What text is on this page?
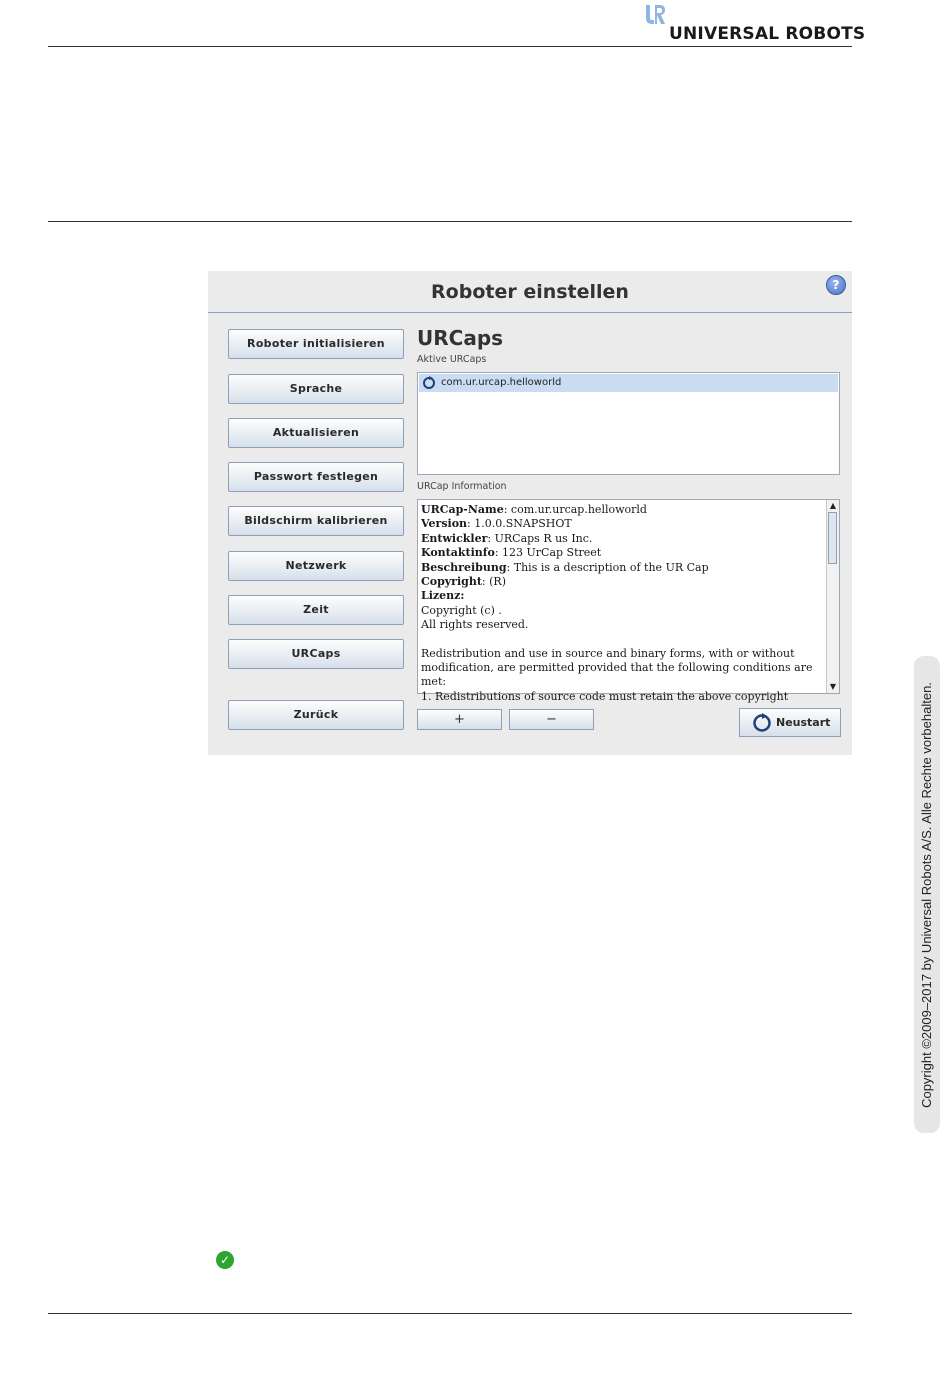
UNIVERSAL ROBOTS
Roboter einstellen	?
Roboter initialisieren
Sprache
Aktualisieren
Passwort festlegen
Bildschirm kalibrieren
Netzwerk
Zeit
URCaps
Zurück
URCaps
Aktive URCaps
com.ur.urcap.helloworld
URCap Information
URCap-Name: com.ur.urcap.helloworld
Version: 1.0.0.SNAPSHOT
Entwickler: URCaps R us Inc.
Kontaktinfo: 123 UrCap Street
Beschreibung: This is a description of the UR Cap
Copyright: (R)
Lizenz:
Copyright (c) .
All rights reserved.
Redistribution and use in source and binary forms, with or without
modification, are permitted provided that the following conditions are
met:
1. Redistributions of source code must retain the above copyright
▲
▼
+	−	Neustart
✓
Copyright ©2009–2017 by Universal Robots A/S. Alle Rechte vorbehalten.
